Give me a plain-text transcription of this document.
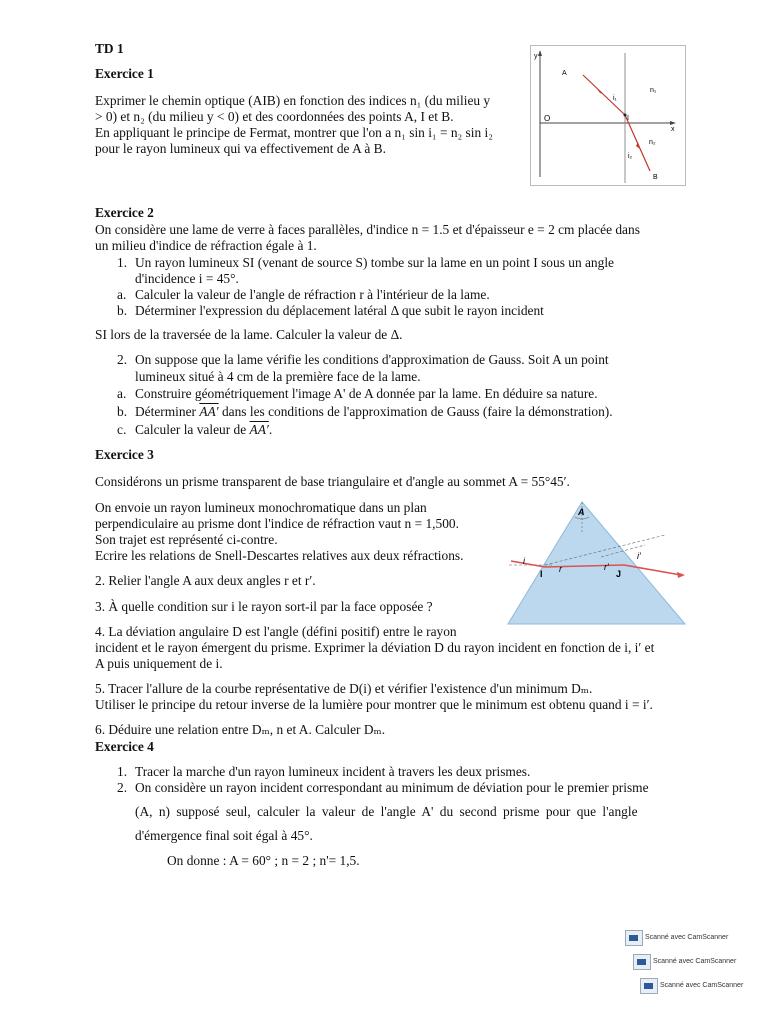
TD 1
Exercice 1
Exprimer le chemin optique (AIB) en fonction des indices n₁ (du milieu y
> 0) et n₂ (du milieu y < 0) et des coordonnées des points A, I et B.
En appliquant le principe de Fermat, montrer que l'on a n₁ sin i₁ = n₂ sin i₂
pour le rayon lumineux qui va effectivement de A à B.
y
x
O
A
I
B
n₁
n₂
i₁
i₂
Exercice 2
On considère une lame de verre à faces parallèles, d'indice n = 1.5 et d'épaisseur e = 2 cm placée dans
un milieu d'indice de réfraction égale à 1.
1. Un rayon lumineux SI (venant de source S) tombe sur la lame en un point I sous un angle
d'incidence i = 45°.
a. Calculer la valeur de l'angle de réfraction r à l'intérieur de la lame.
b. Déterminer l'expression du déplacement latéral Δ que subit le rayon incident
SI lors de la traversée de la lame. Calculer la valeur de Δ.
2. On suppose que la lame vérifie les conditions d'approximation de Gauss. Soit A un point
lumineux situé à 4 cm de la première face de la lame.
a. Construire géométriquement l'image A' de A donnée par la lame. En déduire sa nature.
b. Déterminer AA′ dans les conditions de l'approximation de Gauss (faire la démonstration).
c. Calculer la valeur de AA′.
Exercice 3
Considérons un prisme transparent de base triangulaire et d'angle au sommet A = 55°45′.
On envoie un rayon lumineux monochromatique dans un plan
perpendiculaire au prisme dont l'indice de réfraction vaut n = 1,500.
Son trajet est représenté ci-contre.
Ecrire les relations de Snell-Descartes relatives aux deux réfractions.
2. Relier l'angle A aux deux angles r et r′.
3. À quelle condition sur i le rayon sort-il par la face opposée ?
4. La déviation angulaire D est l'angle (défini positif) entre le rayon
incident et le rayon émergent du prisme. Exprimer la déviation D du rayon incident en fonction de i, i′ et
A puis uniquement de i.
5. Tracer l'allure de la courbe représentative de D(i) et vérifier l'existence d'un minimum Dₘ.
Utiliser le principe du retour inverse de la lumière pour montrer que le minimum est obtenu quand i = i′.
6. Déduire une relation entre Dₘ, n et A. Calculer Dₘ.
A
i
I r	r′
J
i′
Exercice 4
1. Tracer la marche d'un rayon lumineux incident à travers les deux prismes.
2. On considère un rayon incident correspondant au minimum de déviation pour le premier prisme
(A, n) supposé seul, calculer la valeur de l'angle A' du second prisme pour que l'angle
d'émergence final soit égal à 45°.
On donne : A = 60° ; n = 2 ; n'= 1,5.
Scanné avec CamScanner
Scanné avec CamScanner
Scanné avec CamScanner
